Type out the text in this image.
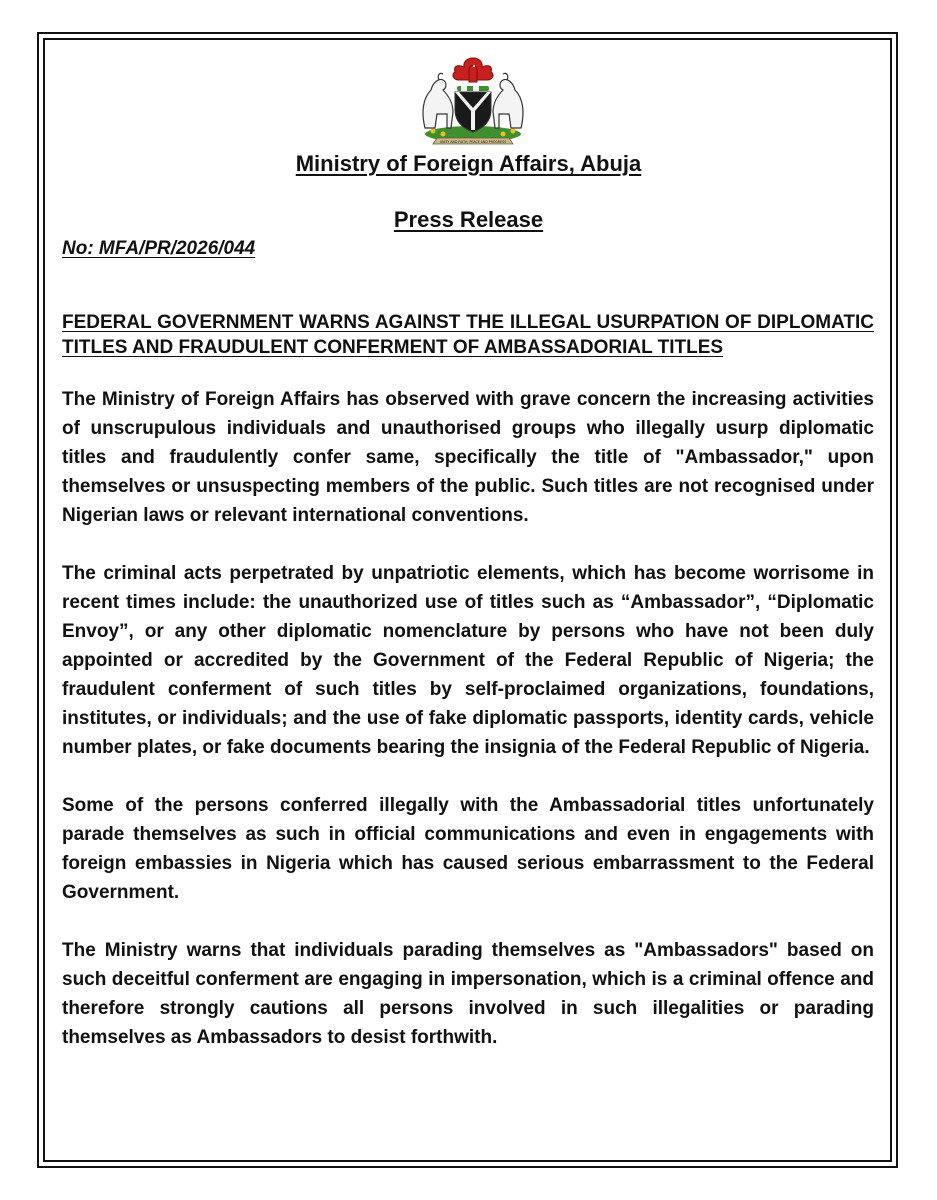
UNITY AND FAITH, PEACE AND PROGRESS
Ministry of Foreign Affairs, Abuja
Press Release

No: MFA/PR/2026/044

FEDERAL GOVERNMENT WARNS AGAINST THE ILLEGAL USURPATION OF DIPLOMATIC TITLES AND FRAUDULENT CONFERMENT OF AMBASSADORIAL TITLES

The Ministry of Foreign Affairs has observed with grave concern the increasing activities of unscrupulous individuals and unauthorised groups who illegally usurp diplomatic titles and fraudulently confer same, specifically the title of "Ambassador," upon themselves or unsuspecting members of the public. Such titles are not recognised under Nigerian laws or relevant international conventions.

The criminal acts perpetrated by unpatriotic elements, which has become worrisome in recent times include: the unauthorized use of titles such as “Ambassador”, “Diplomatic Envoy”, or any other diplomatic nomenclature by persons who have not been duly appointed or accredited by the Government of the Federal Republic of Nigeria; the fraudulent conferment of such titles by self-proclaimed organizations, foundations, institutes, or individuals; and the use of fake diplomatic passports, identity cards, vehicle number plates, or fake documents bearing the insignia of the Federal Republic of Nigeria.

Some of the persons conferred illegally with the Ambassadorial titles unfortunately parade themselves as such in official communications and even in engagements with foreign embassies in Nigeria which has caused serious embarrassment to the Federal Government.

The Ministry warns that individuals parading themselves as "Ambassadors" based on such deceitful conferment are engaging in impersonation, which is a criminal offence and therefore strongly cautions all persons involved in such illegalities or parading themselves as Ambassadors to desist forthwith.
